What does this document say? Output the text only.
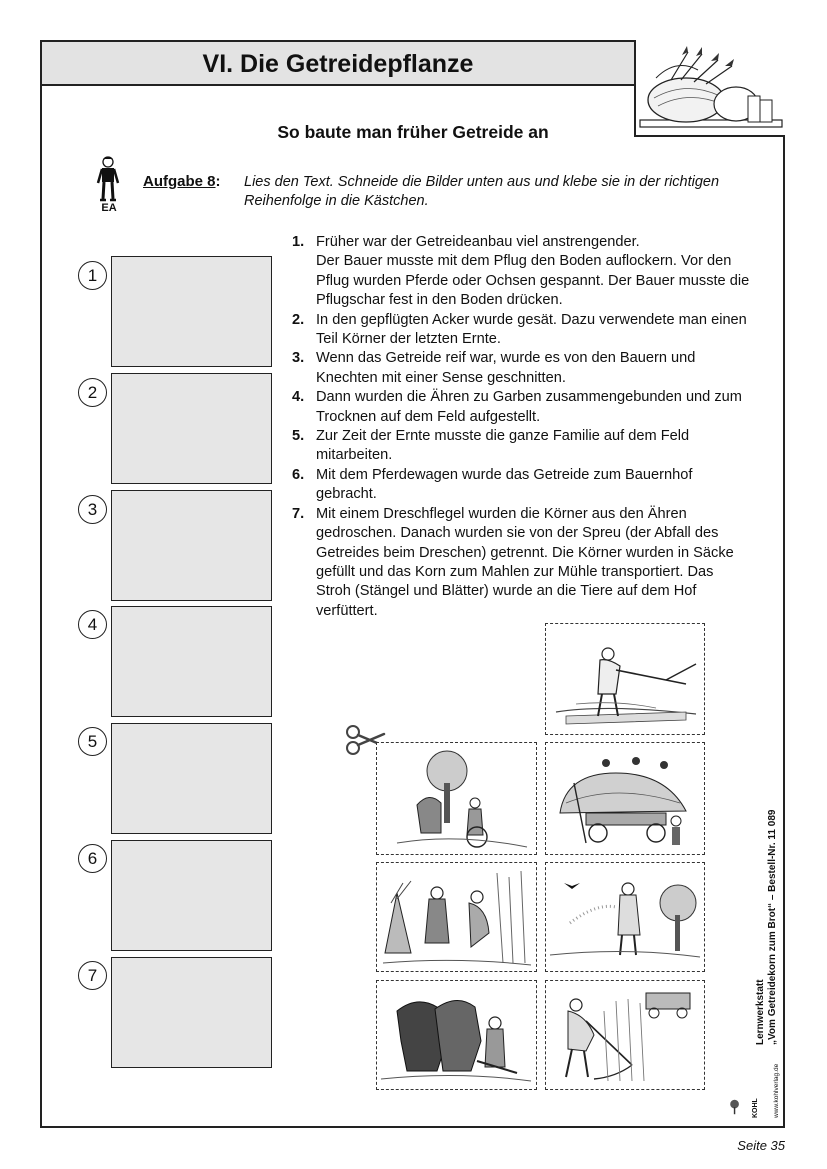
VI. Die Getreidepflanze
So baute man früher Getreide an
EA
Aufgabe 8: Lies den Text. Schneide die Bilder unten aus und klebe sie in der richtigen Reihenfolge in die Kästchen.
1
2
3
4
5
6
7
1. Früher war der Getreideanbau viel anstrengender.
Der Bauer musste mit dem Pflug den Boden auflockern. Vor den Pflug wurden Pferde oder Ochsen gespannt. Der Bauer musste die Pflugschar fest in den Boden drücken.
2. In den gepflügten Acker wurde gesät. Dazu verwendete man einen Teil Körner der letzten Ernte.
3. Wenn das Getreide reif war, wurde es von den Bauern und Knechten mit einer Sense geschnitten.
4. Dann wurden die Ähren zu Garben zusammengebunden und zum Trocknen auf dem Feld aufgestellt.
5. Zur Zeit der Ernte musste die ganze Familie auf dem Feld mitarbeiten.
6. Mit dem Pferdewagen wurde das Getreide zum Bauernhof gebracht.
7. Mit einem Dreschflegel wurden die Körner aus den Ähren gedroschen. Danach wurden sie von der Spreu (der Abfall des Getreides beim Dreschen) getrennt. Die Körner wurden in Säcke gefüllt und das Korn zum Mahlen zur Mühle transportiert. Das Stroh (Stängel und Blätter) wurde an die Tiere auf dem Hof verfüttert.
Lernwerkstatt „Vom Getreidekorn zum Brot“ – Bestell-Nr. 11 089
KOHL www.kohlverlag.de
Seite 35
